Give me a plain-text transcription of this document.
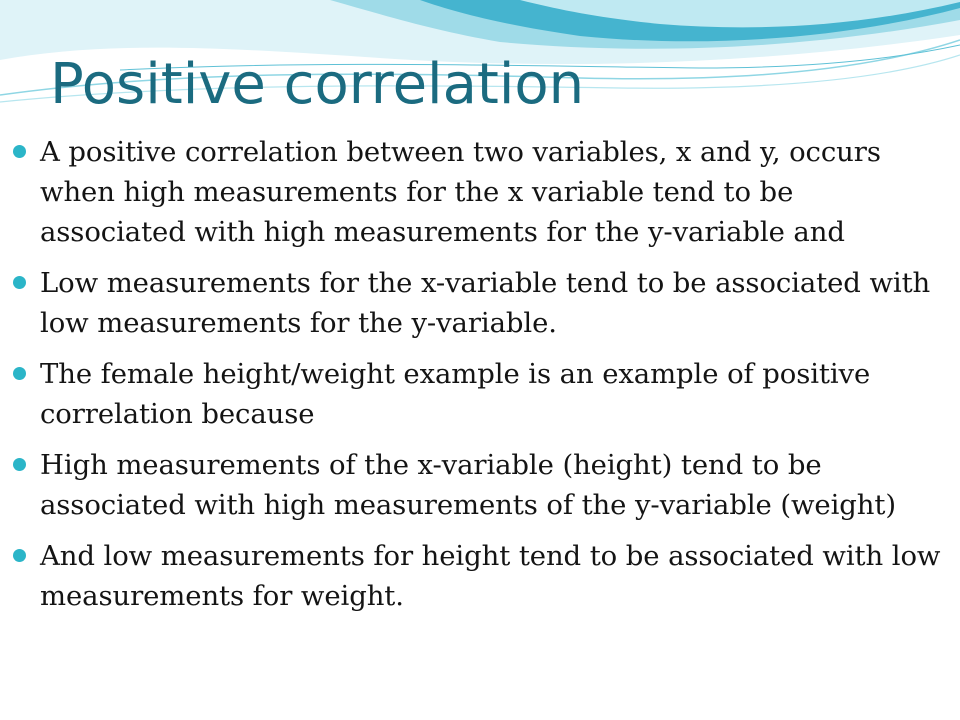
Positive correlation
A positive correlation between two variables, x and y, occurs when high measurements for the x variable tend to be associated with high measurements for the y-variable and
Low measurements for the x-variable tend to be associated with low measurements for the y-variable.
The female height/weight example is an example of positive correlation because
High measurements of the x-variable (height) tend to be associated with high measurements of the y-variable (weight)
And low measurements for height tend to be associated with low measurements for weight.
